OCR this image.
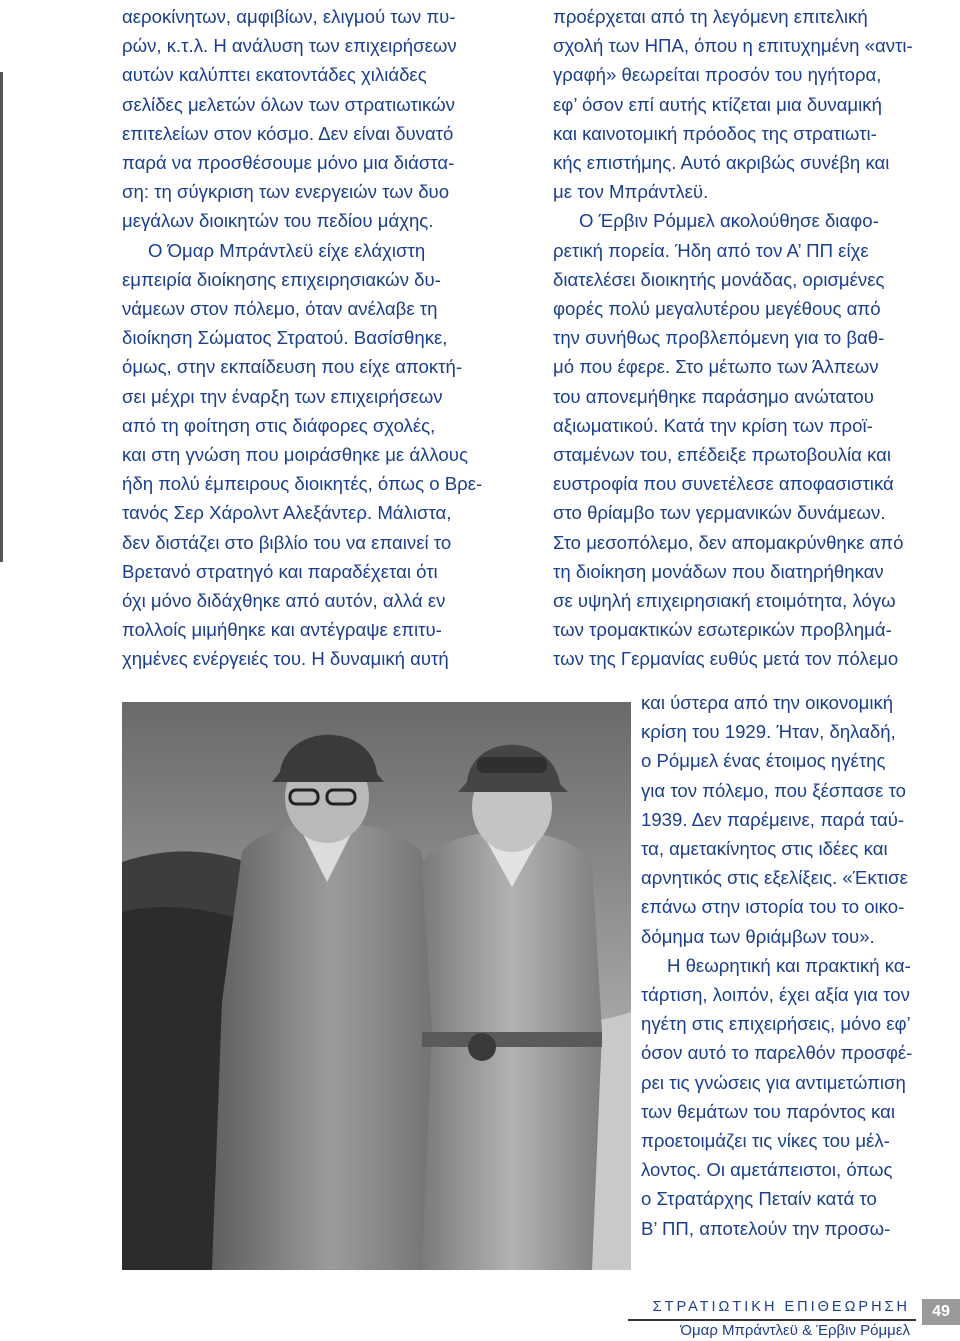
αεροκίνητων, αμφιβίων, ελιγμού των πυ-
ρών, κ.τ.λ. Η ανάλυση των επιχειρήσεων
αυτών καλύπτει εκατοντάδες χιλιάδες
σελίδες μελετών όλων των στρατιωτικών
επιτελείων στον κόσμο. Δεν είναι δυνατό
παρά να προσθέσουμε μόνο μια διάστα-
ση: τη σύγκριση των ενεργειών των δυο
μεγάλων διοικητών του πεδίου μάχης.

Ο Όμαρ Μπράντλεϋ είχε ελάχιστη
εμπειρία διοίκησης επιχειρησιακών δυ-
νάμεων στον πόλεμο, όταν ανέλαβε τη
διοίκηση Σώματος Στρατού. Βασίσθηκε,
όμως, στην εκπαίδευση που είχε αποκτή-
σει μέχρι την έναρξη των επιχειρήσεων
από τη φοίτηση στις διάφορες σχολές,
και στη γνώση που μοιράσθηκε με άλλους
ήδη πολύ έμπειρους διοικητές, όπως ο Βρε-
τανός Σερ Χάρολντ Αλεξάντερ. Μάλιστα,
δεν διστάζει στο βιβλίο του να επαινεί το
Βρετανό στρατηγό και παραδέχεται ότι
όχι μόνο διδάχθηκε από αυτόν, αλλά εν
πολλοίς μιμήθηκε και αντέγραψε επιτυ-
χημένες ενέργειές του. Η δυναμική αυτή

προέρχεται από τη λεγόμενη επιτελική
σχολή των ΗΠΑ, όπου η επιτυχημένη «αντι-
γραφή» θεωρείται προσόν του ηγήτορα,
εφ’ όσον επί αυτής κτίζεται μια δυναμική
και καινοτομική πρόοδος της στρατιωτι-
κής επιστήμης. Αυτό ακριβώς συνέβη και
με τον Μπράντλεϋ.

Ο Έρβιν Ρόμμελ ακολούθησε διαφο-
ρετική πορεία. Ήδη από τον Α’ ΠΠ είχε
διατελέσει διοικητής μονάδας, ορισμένες
φορές πολύ μεγαλυτέρου μεγέθους από
την συνήθως προβλεπόμενη για το βαθ-
μό που έφερε. Στο μέτωπο των Άλπεων
του απονεμήθηκε παράσημο ανώτατου
αξιωματικού. Κατά την κρίση των προϊ-
σταμένων του, επέδειξε πρωτοβουλία και
ευστροφία που συνετέλεσε αποφασιστικά
στο θρίαμβο των γερμανικών δυνάμεων.
Στο μεσοπόλεμο, δεν απομακρύνθηκε από
τη διοίκηση μονάδων που διατηρήθηκαν
σε υψηλή επιχειρησιακή ετοιμότητα, λόγω
των τρομακτικών εσωτερικών προβλημά-
των της Γερμανίας ευθύς μετά τον πόλεμο

και ύστερα από την οικονομική
κρίση του 1929. Ήταν, δηλαδή,
ο Ρόμμελ ένας έτοιμος ηγέτης
για τον πόλεμο, που ξέσπασε το
1939. Δεν παρέμεινε, παρά ταύ-
τα, αμετακίνητος στις ιδέες και
αρνητικός στις εξελίξεις. «Έκτισε
επάνω στην ιστορία του το οικο-
δόμημα των θριάμβων του».

Η θεωρητική και πρακτική κα-
τάρτιση, λοιπόν, έχει αξία για τον
ηγέτη στις επιχειρήσεις, μόνο εφ’
όσον αυτό το παρελθόν προσφέ-
ρει τις γνώσεις για αντιμετώπιση
των θεμάτων του παρόντος και
προετοιμάζει τις νίκες του μέλ-
λοντος. Οι αμετάπειστοι, όπως
ο Στρατάρχης Πεταίν κατά το
Β’ ΠΠ, αποτελούν την προσω-

ΣΤΡΑΤΙΩΤΙΚΗ ΕΠΙΘΕΩΡΗΣΗ
Όμαρ Μπράντλεϋ & Έρβιν Ρόμμελ
49
